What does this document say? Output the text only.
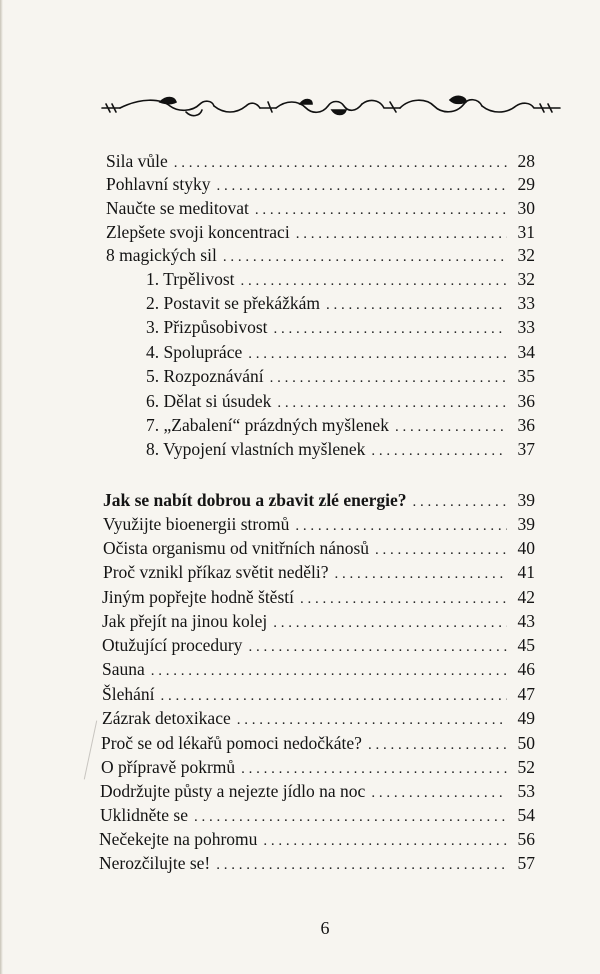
Sila vůle . . .	28
Pohlavní styky . . .	29
Naučte se meditovat . . .	30
Zlepšete svoji koncentraci . . .	31
8 magických sil . . .	32
1. Trpělivost . . .	32
2. Postavit se překážkám . . .	33
3. Přizpůsobivost . . .	33
4. Spolupráce . . .	34
5. Rozpoznávání . . .	35
6. Dělat si úsudek . . .	36
7. „Zabalení“ prázdných myšlenek . . .	36
8. Vypojení vlastních myšlenek . . .	37
Jak se nabít dobrou a zbavit zlé energie? . . .	39
Využijte bioenergii stromů . . .	39
Očista organismu od vnitřních nánosů . . .	40
Proč vznikl příkaz světit neděli? . . .	41
Jiným popřejte hodně štěstí . . .	42
Jak přejít na jinou kolej . . .	43
Otužující procedury . . .	45
Sauna . . .	46
Šlehání . . .	47
Zázrak detoxikace . . .	49
Proč se od lékařů pomoci nedočkáte? . . .	50
O přípravě pokrmů . . .	52
Dodržujte půsty a nejezte jídlo na noc . . .	53
Uklidněte se . . .	54
Nečekejte na pohromu . . .	56
Nerozčilujte se! . . .	57
6
